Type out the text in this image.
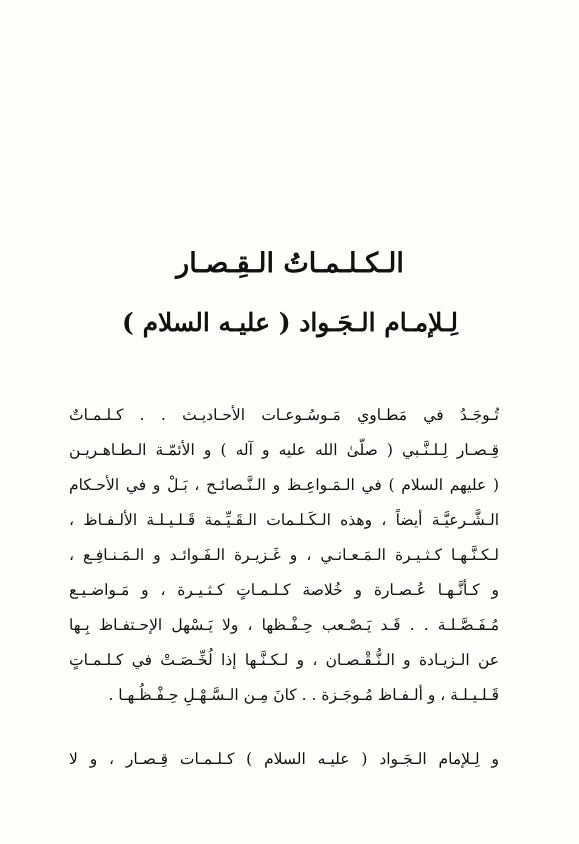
الـكـلـمـاتُ الـقِـصـار
لِـلإمـام الـجَـواد ( عليـه السلام )
تُـوجَـدُ في مَطـاوي مَـوسُـوعـات الأحـاديـث . . كـلـمـاتٌ
قِـصـار لِـلـنَّـبي ( صلّىٰ الله عليه و آله ) و الأئمّـة الـطـاهـريـن
( عليهم السلام ) في الـمَـواعِـظ و الـنَّـصائـح ، بَـلْ و في الأحـكام
الـشَّـرعيَّـة أيضاً ، وهذه الـكَـلـمات الـقَـيِّـمة قَـلـيـلـة الألـفـاظ ،
لـكـنَّـهـا كـثـيـرة الـمَـعـانـي ، و غَـزيـرة الـفَـوائـد و الـمَـنـافِـع ،
و كـأنَّـهـا عُـصـارة و خُلاصة كـلـمـاتٍ كـثـيـرة ، و مَـواضـيـع
مُـفَـصَّـلـة . . قَـد يَـصْـعب حِـفْـظها ، ولا يَـسْهل الإحـتفـاظ بِـها
عن الـزيـادة و الـنُّـقْـصـان ، و لـكـنَّـها إذا لُخِّـصَـتْ في كـلـمـاتٍ
قَـلـيـلـة ، و ألـفـاظ مُـوجَـزة . . كانَ مِـن الـسَّـهْـلِ حِـفْـظُـهـا .
و لِـلإمام الـجَـواد ( عليـه السلام ) كـلـمـات قِـصـار ، و لا
